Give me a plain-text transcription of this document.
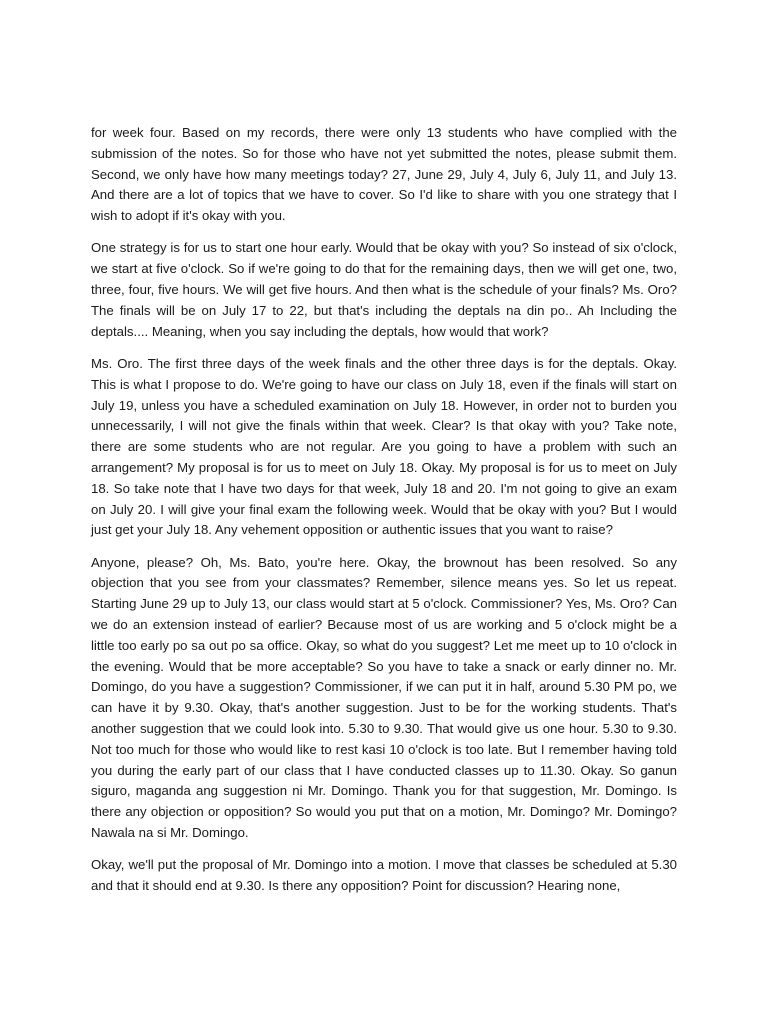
for week four. Based on my records, there were only 13 students who have complied with the submission of the notes. So for those who have not yet submitted the notes, please submit them. Second, we only have how many meetings today? 27, June 29, July 4, July 6, July 11, and July 13. And there are a lot of topics that we have to cover. So I'd like to share with you one strategy that I wish to adopt if it's okay with you.

One strategy is for us to start one hour early. Would that be okay with you? So instead of six o'clock, we start at five o'clock. So if we're going to do that for the remaining days, then we will get one, two, three, four, five hours. We will get five hours. And then what is the schedule of your finals? Ms. Oro? The finals will be on July 17 to 22, but that's including the deptals na din po.. Ah Including the deptals.... Meaning, when you say including the deptals, how would that work?

Ms. Oro. The first three days of the week finals and the other three days is for the deptals. Okay. This is what I propose to do. We're going to have our class on July 18, even if the finals will start on July 19, unless you have a scheduled examination on July 18. However, in order not to burden you unnecessarily, I will not give the finals within that week. Clear? Is that okay with you? Take note, there are some students who are not regular. Are you going to have a problem with such an arrangement? My proposal is for us to meet on July 18. Okay. My proposal is for us to meet on July 18. So take note that I have two days for that week, July 18 and 20. I'm not going to give an exam on July 20. I will give your final exam the following week. Would that be okay with you? But I would just get your July 18. Any vehement opposition or authentic issues that you want to raise?

Anyone, please? Oh, Ms. Bato, you're here. Okay, the brownout has been resolved. So any objection that you see from your classmates? Remember, silence means yes. So let us repeat. Starting June 29 up to July 13, our class would start at 5 o'clock. Commissioner? Yes, Ms. Oro? Can we do an extension instead of earlier? Because most of us are working and 5 o'clock might be a little too early po sa out po sa office. Okay, so what do you suggest? Let me meet up to 10 o'clock in the evening. Would that be more acceptable? So you have to take a snack or early dinner no. Mr. Domingo, do you have a suggestion? Commissioner, if we can put it in half, around 5.30 PM po, we can have it by 9.30. Okay, that's another suggestion. Just to be for the working students. That's another suggestion that we could look into. 5.30 to 9.30. That would give us one hour. 5.30 to 9.30. Not too much for those who would like to rest kasi 10 o'clock is too late. But I remember having told you during the early part of our class that I have conducted classes up to 11.30. Okay. So ganun siguro, maganda ang suggestion ni Mr. Domingo. Thank you for that suggestion, Mr. Domingo. Is there any objection or opposition? So would you put that on a motion, Mr. Domingo? Mr. Domingo? Nawala na si Mr. Domingo.

Okay, we'll put the proposal of Mr. Domingo into a motion. I move that classes be scheduled at 5.30 and that it should end at 9.30. Is there any opposition? Point for discussion? Hearing none,
